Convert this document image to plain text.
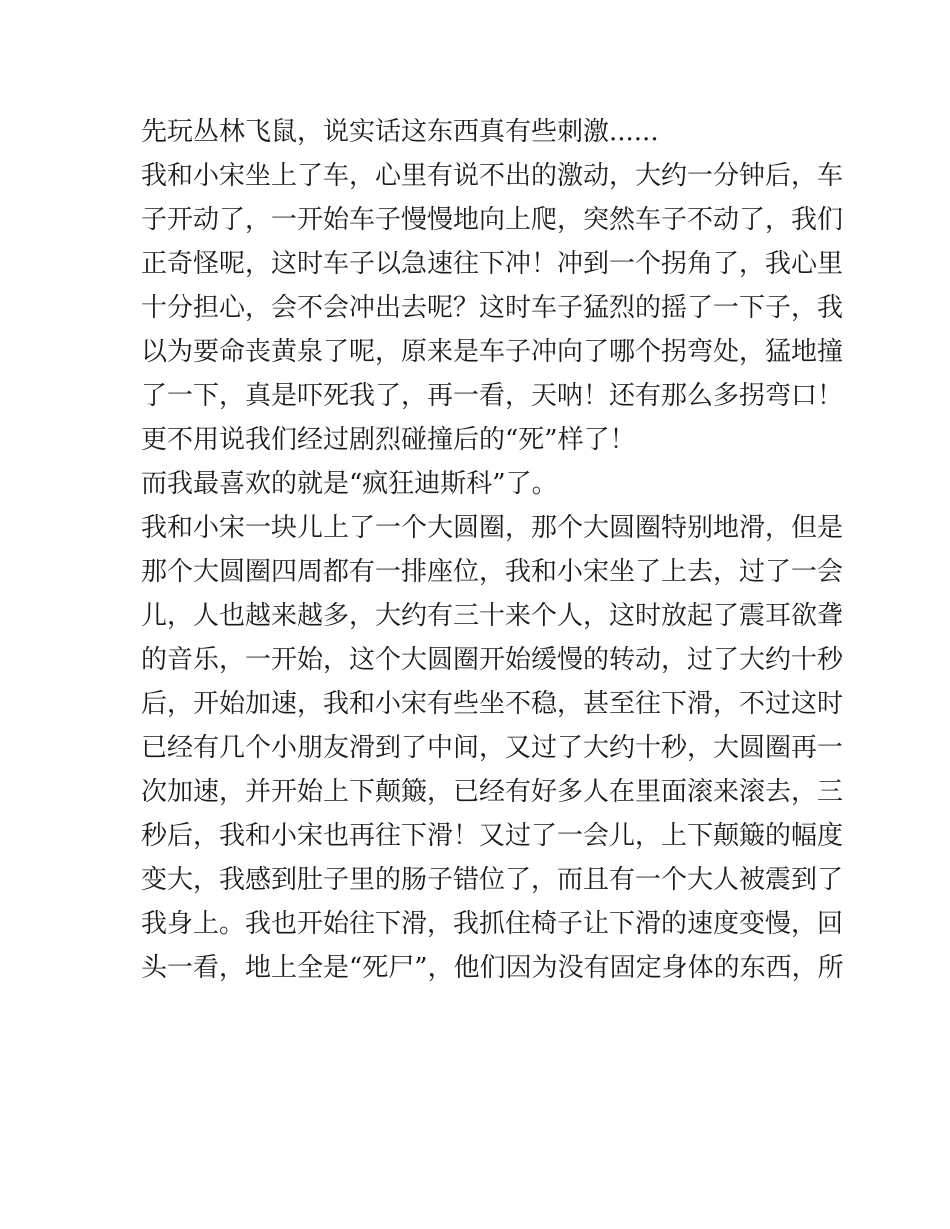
先玩丛林飞鼠，说实话这东西真有些刺激......

我和小宋坐上了车，心里有说不出的激动，大约一分钟后，车

子开动了，一开始车子慢慢地向上爬，突然车子不动了，我们

正奇怪呢，这时车子以急速往下冲！冲到一个拐角了，我心里

十分担心，会不会冲出去呢？这时车子猛烈的摇了一下子，我

以为要命丧黄泉了呢，原来是车子冲向了哪个拐弯处，猛地撞

了一下，真是吓死我了，再一看，天呐！还有那么多拐弯口！

更不用说我们经过剧烈碰撞后的“死”样了！

而我最喜欢的就是“疯狂迪斯科”了。

我和小宋一块儿上了一个大圆圈，那个大圆圈特别地滑，但是

那个大圆圈四周都有一排座位，我和小宋坐了上去，过了一会

儿，人也越来越多，大约有三十来个人，这时放起了震耳欲聋

的音乐，一开始，这个大圆圈开始缓慢的转动，过了大约十秒

后，开始加速，我和小宋有些坐不稳，甚至往下滑，不过这时

已经有几个小朋友滑到了中间，又过了大约十秒，大圆圈再一

次加速，并开始上下颠簸，已经有好多人在里面滚来滚去，三

秒后，我和小宋也再往下滑！又过了一会儿，上下颠簸的幅度

变大，我感到肚子里的肠子错位了，而且有一个大人被震到了

我身上。我也开始往下滑，我抓住椅子让下滑的速度变慢，回

头一看，地上全是“死尸”，他们因为没有固定身体的东西，所
